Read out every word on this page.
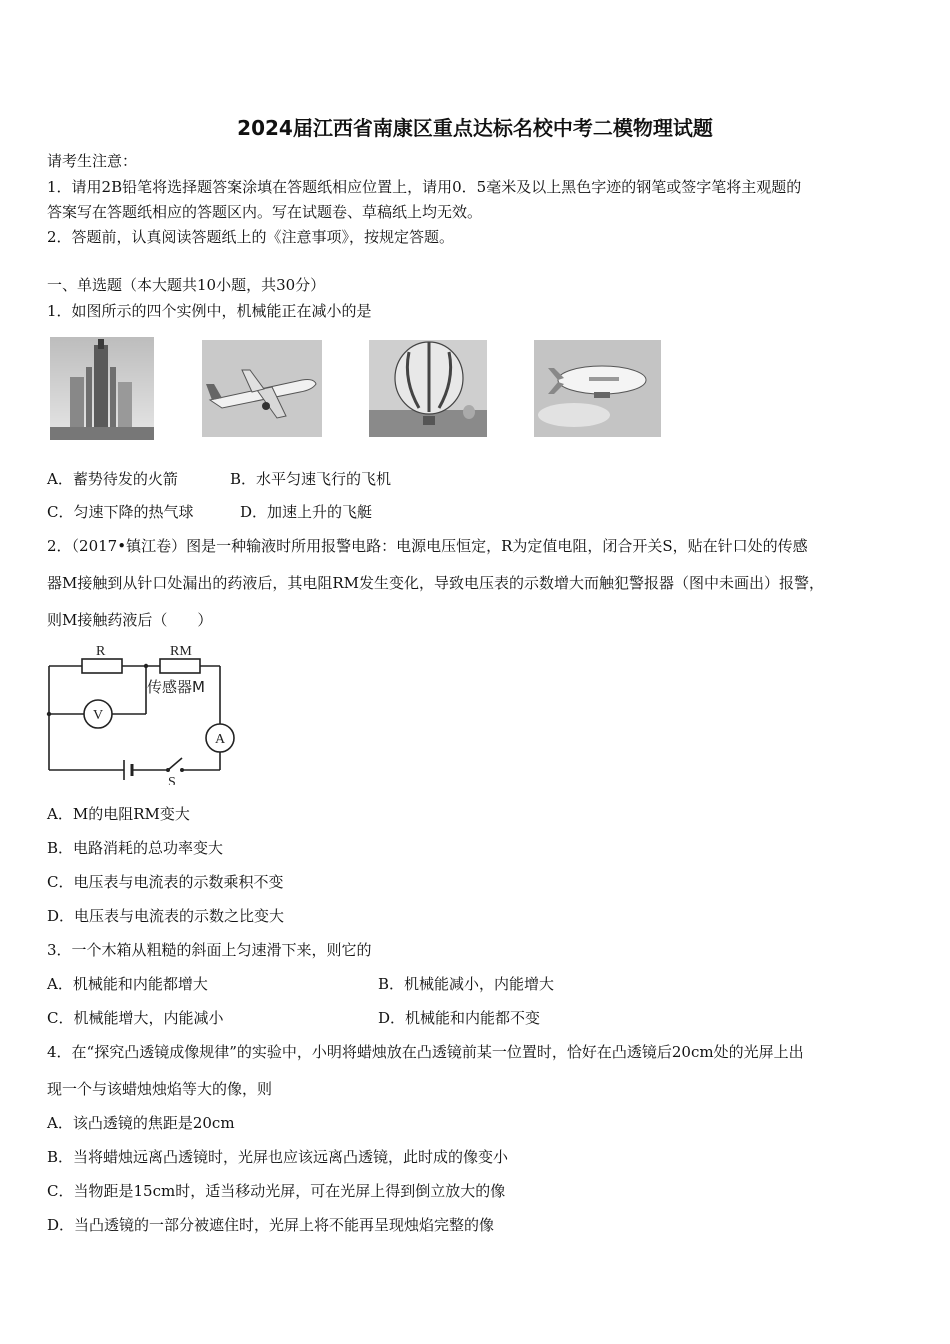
2024届江西省南康区重点达标名校中考二模物理试题
请考生注意：
1．请用2B铅笔将选择题答案涂填在答题纸相应位置上，请用0．5毫米及以上黑色字迹的钢笔或签字笔将主观题的
答案写在答题纸相应的答题区内。写在试题卷、草稿纸上均无效。
2．答题前，认真阅读答题纸上的《注意事项》，按规定答题。
一、单选题（本大题共10小题，共30分）
1．如图所示的四个实例中，机械能正在减小的是
A．蓄势待发的火箭	B．水平匀速飞行的飞机
C．匀速下降的热气球	D．加速上升的飞艇
2．（2017•镇江卷）图是一种输液时所用报警电路：电源电压恒定，R为定值电阻，闭合开关S，贴在针口处的传感
器M接触到从针口处漏出的药液后，其电阻RM发生变化，导致电压表的示数增大而触犯警报器（图中未画出）报警，
则M接触药液后（　　）
R	RM
传感器M
V
A
S
A．M的电阻RM变大
B．电路消耗的总功率变大
C．电压表与电流表的示数乘积不变
D．电压表与电流表的示数之比变大
3．一个木箱从粗糙的斜面上匀速滑下来，则它的
A．机械能和内能都增大	B．机械能减小，内能增大
C．机械能增大，内能减小	D．机械能和内能都不变
4．在“探究凸透镜成像规律”的实验中，小明将蜡烛放在凸透镜前某一位置时，恰好在凸透镜后20cm处的光屏上出
现一个与该蜡烛烛焰等大的像，则
A．该凸透镜的焦距是20cm
B．当将蜡烛远离凸透镜时，光屏也应该远离凸透镜，此时成的像变小
C．当物距是15cm时，适当移动光屏，可在光屏上得到倒立放大的像
D．当凸透镜的一部分被遮住时，光屏上将不能再呈现烛焰完整的像
